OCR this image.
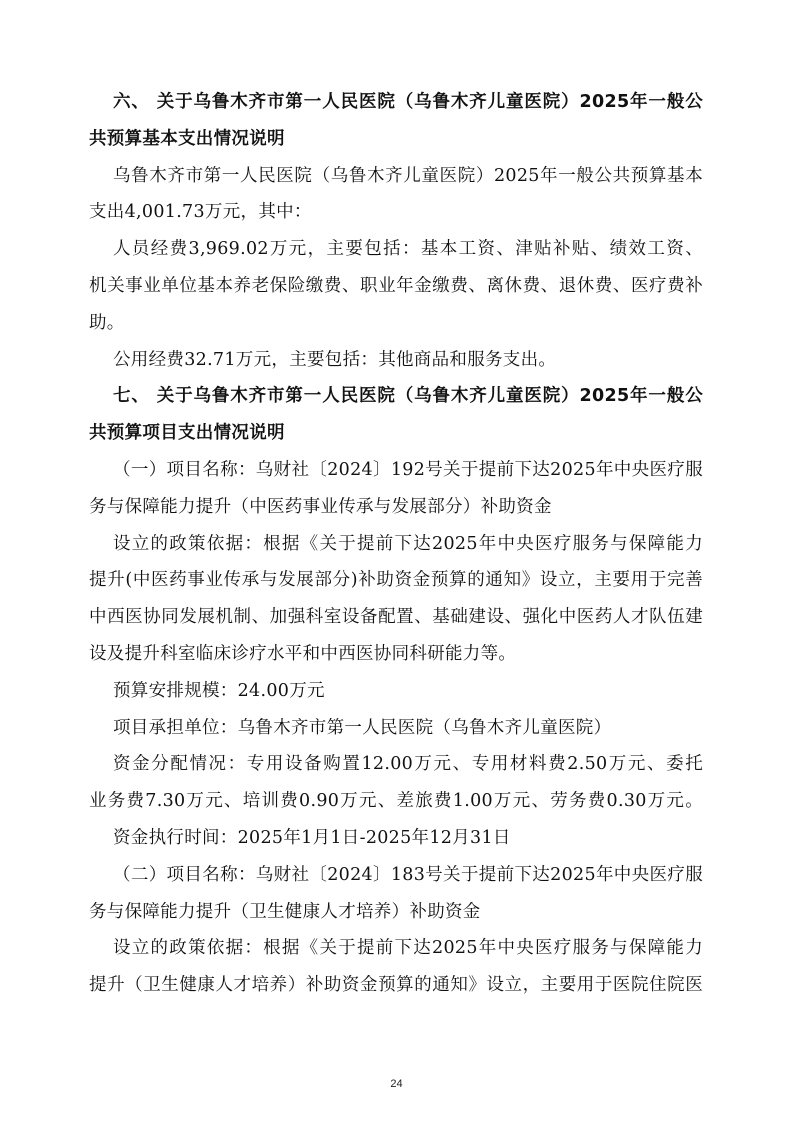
六、 关于乌鲁木齐市第一人民医院（乌鲁木齐儿童医院）2025年一般公
共预算基本支出情况说明
乌鲁木齐市第一人民医院（乌鲁木齐儿童医院）2025年一般公共预算基本
支出4,001.73万元，其中：
人员经费3,969.02万元，主要包括：基本工资、津贴补贴、绩效工资、
机关事业单位基本养老保险缴费、职业年金缴费、离休费、退休费、医疗费补
助。
公用经费32.71万元，主要包括：其他商品和服务支出。
七、 关于乌鲁木齐市第一人民医院（乌鲁木齐儿童医院）2025年一般公
共预算项目支出情况说明
（一）项目名称：乌财社〔2024〕192号关于提前下达2025年中央医疗服
务与保障能力提升（中医药事业传承与发展部分）补助资金
设立的政策依据：根据《关于提前下达2025年中央医疗服务与保障能力
提升(中医药事业传承与发展部分)补助资金预算的通知》设立，主要用于完善
中西医协同发展机制、加强科室设备配置、基础建设、强化中医药人才队伍建
设及提升科室临床诊疗水平和中西医协同科研能力等。
预算安排规模：24.00万元
项目承担单位：乌鲁木齐市第一人民医院（乌鲁木齐儿童医院）
资金分配情况：专用设备购置12.00万元、专用材料费2.50万元、委托
业务费7.30万元、培训费0.90万元、差旅费1.00万元、劳务费0.30万元。
资金执行时间：2025年1月1日-2025年12月31日
（二）项目名称：乌财社〔2024〕183号关于提前下达2025年中央医疗服
务与保障能力提升（卫生健康人才培养）补助资金
设立的政策依据：根据《关于提前下达2025年中央医疗服务与保障能力
提升（卫生健康人才培养）补助资金预算的通知》设立，主要用于医院住院医
24
